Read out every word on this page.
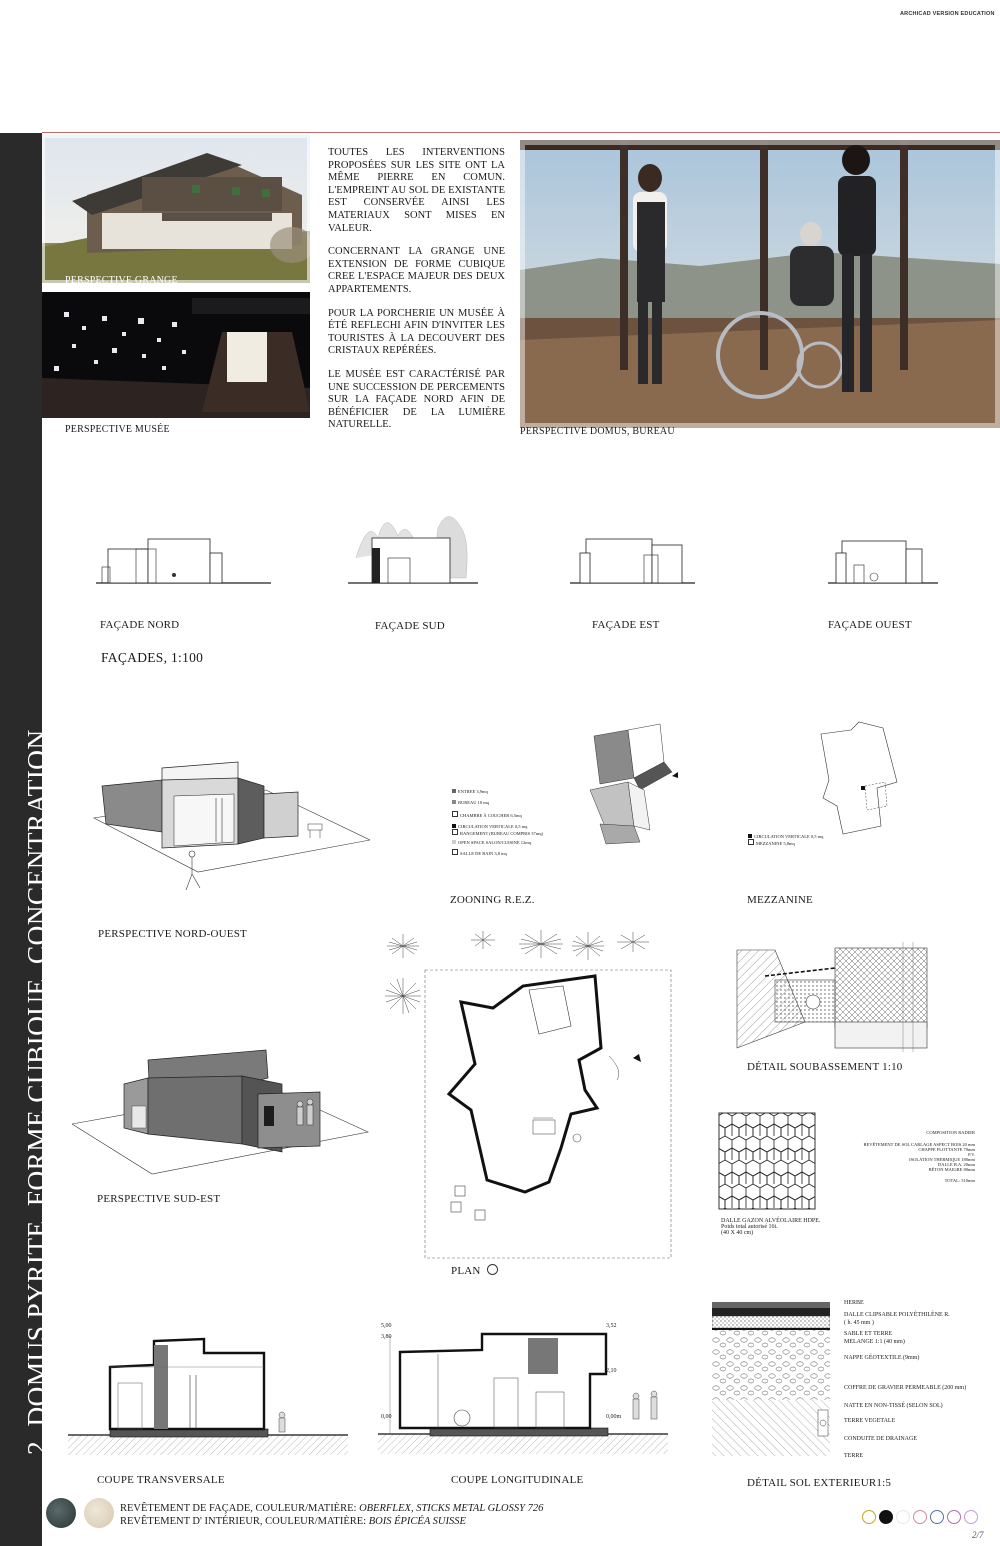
ARCHICAD VERSION EDUCATION
2. DOMUS PYRITE, FORME CUBIQUE. CONCENTRATION
PERSPECTIVE GRANGE
PERSPECTIVE MUSÉE

TOUTES LES INTERVENTIONS PROPOSÉES SUR LES SITE ONT LA MÊME PIERRE EN COMUN. L'EMPREINT AU SOL DE EXISTANTE EST CONSERVÉE AINSI LES MATERIAUX SONT MISES EN VALEUR.

CONCERNANT LA GRANGE UNE EXTENSION DE FORME CUBIQUE CREE L'ESPACE MAJEUR DES DEUX APPARTEMENTS.

POUR LA PORCHERIE UN MUSÉE À ÉTÉ REFLECHI AFIN D'INVITER LES TOURISTES À LA DECOUVERT DES CRISTAUX REPÉRÉES.

LE MUSÉE EST CARACTÉRISÉ PAR UNE SUCCESSION DE PERCEMENTS SUR LA FAÇADE NORD AFIN DE BÉNÉFICIER DE LA LUMIÈRE NATURELLE.

PERSPECTIVE DOMUS, BUREAU
FAÇADE NORD	FAÇADE SUD	FAÇADE EST	FAÇADE OUEST
FAÇADES, 1:100
PERSPECTIVE NORD-OUEST
PERSPECTIVE SUD-EST
ENTREE 3,9mq
BUREAU 10 mq
CHAMBRE À COUCHER 6,5mq
CIRCULATION VERTICALE 0,5 mq
RANGEMENT (BUREAU COMPRIS 37mq)
OPEN SPACE SALON/CUISINE 12mq
SALLE DE BAIN 3,8 mq
CIRCULATION VERTICALE 0,5 mq
MEZZANINE 5,8mq
ZOONING R.E.Z.	MEZZANINE
PLAN
DÉTAIL SOUBASSEMENT 1:10
COMPOSITION RADIER
REVÊTEMENT DE SOL CARLAGE ASPECT BOIS 20 mm
CHAPPE FLOTTANTE 70mm
P.V.
ISOLATION THERMIQUE 180mm
DALLE B.A. 20mm
BÉTON MAIGRE 80mm
TOTAL: 510mm
DALLE GAZON ALVÉOLAIRE HDPE.
Poids total autorisé 16t.
(40 X 40 cm)
COUPE TRANSVERSALE
5,00
3,80
3,52
2,10
0,00	0,00m
COUPE LONGITUDINALE
HERBE
DALLE CLIPSABLE POLYÉTHILÈNE R.
( h. 45 mm )
SABLE ET TERRE
MELANGE 1:1 (40 mm)
NAPPE GÉOTEXTILE (9mm)
COFFRE DE GRAVIER PERMEABLE (200 mm)
NATTE EN NON-TISSÉ (SELON SOL)
TERRE VEGETALE
CONDUITE DE DRAINAGE
TERRE
DÉTAIL SOL EXTERIEUR1:5
REVÊTEMENT DE FAÇADE, COULEUR/MATIÈRE: OBERFLEX, STICKS METAL GLOSSY 726
REVÊTEMENT D' INTÉRIEUR, COULEUR/MATIÈRE: BOIS ÉPICÉA SUISSE
2/7
